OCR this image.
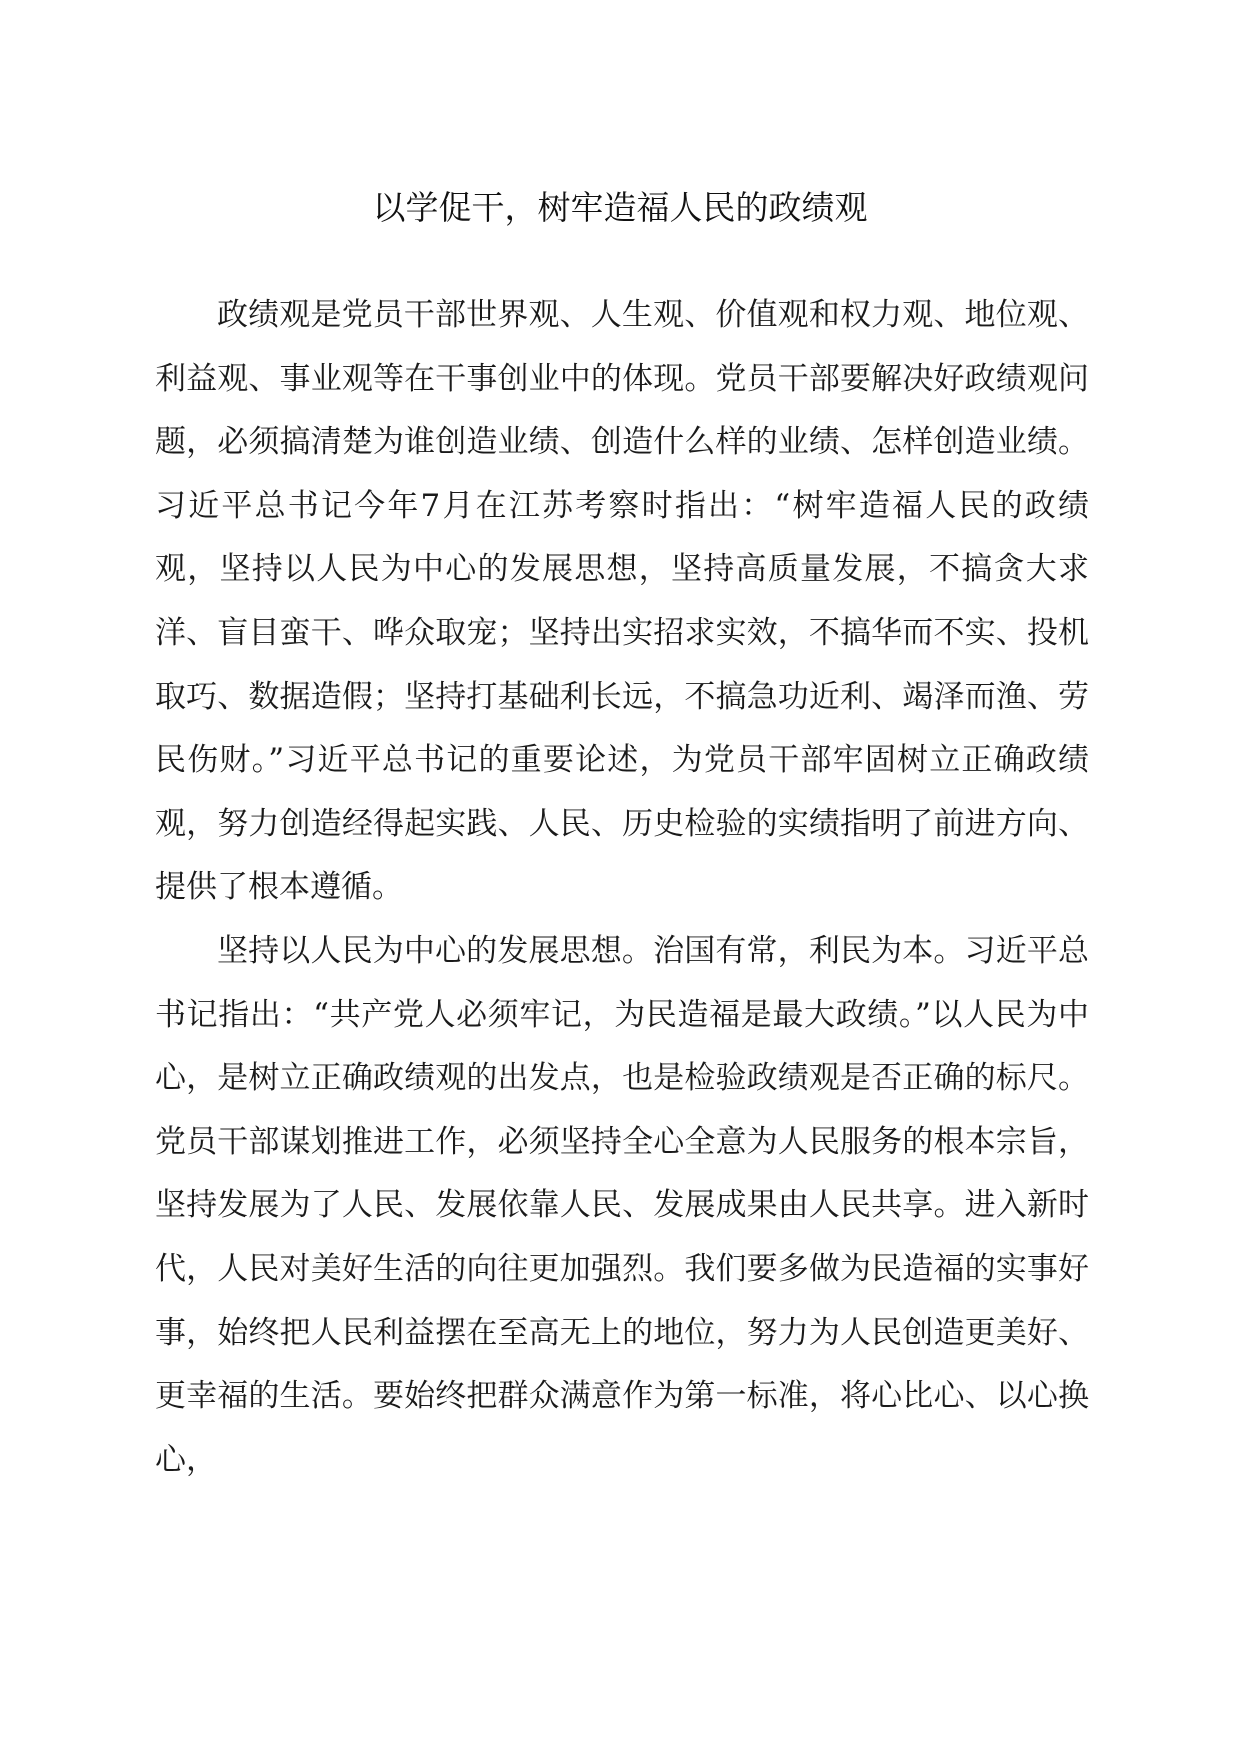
以学促干，树牢造福人民的政绩观

政绩观是党员干部世界观、人生观、价值观和权力观、地位观、利益观、事业观等在干事创业中的体现。党员干部要解决好政绩观问题，必须搞清楚为谁创造业绩、创造什么样的业绩、怎样创造业绩。习近平总书记今年7月在江苏考察时指出：“树牢造福人民的政绩观，坚持以人民为中心的发展思想，坚持高质量发展，不搞贪大求洋、盲目蛮干、哗众取宠；坚持出实招求实效，不搞华而不实、投机取巧、数据造假；坚持打基础利长远，不搞急功近利、竭泽而渔、劳民伤财。”习近平总书记的重要论述，为党员干部牢固树立正确政绩观，努力创造经得起实践、人民、历史检验的实绩指明了前进方向、提供了根本遵循。

坚持以人民为中心的发展思想。治国有常，利民为本。习近平总书记指出：“共产党人必须牢记，为民造福是最大政绩。”以人民为中心，是树立正确政绩观的出发点，也是检验政绩观是否正确的标尺。党员干部谋划推进工作，必须坚持全心全意为人民服务的根本宗旨，坚持发展为了人民、发展依靠人民、发展成果由人民共享。进入新时代，人民对美好生活的向往更加强烈。我们要多做为民造福的实事好事，始终把人民利益摆在至高无上的地位，努力为人民创造更美好、更幸福的生活。要始终把群众满意作为第一标准，将心比心、以心换心，
